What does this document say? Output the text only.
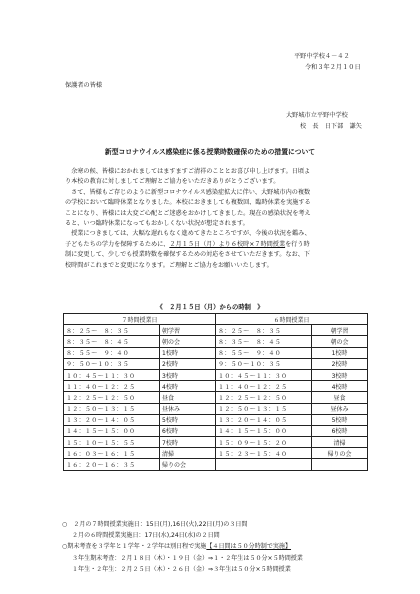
平野中学校４－４２
令和３年２月１０日
保護者の皆様
大野城市立平野中学校
校　長　日下部　謙矢
新型コロナウイルス感染症に係る授業時数確保のための措置について

余寒の候、皆様におかれましてはますますご清祥のこととお喜び申し上げます。日頃よ
り本校の教育に対しましてご理解とご協力をいただきありがとうございます。

さて、皆様もご存じのように新型コロナウイルス感染症拡大に伴い、大野城市内の複数
の学校において臨時休業となりました。本校におきましても複数回、臨時休業を実施する
ことになり、皆様には大変ご心配とご迷惑をおかけしてきました。現在の感染状況を考え
ると、いつ臨時休業になってもおかしくない状況が想定されます。

授業につきましては、大幅な遅れもなく進めてきたところですが、今後の状況を鑑み、
子どもたちの学力を保障するために、２月１５日（月）より６校時×７時間授業を行う時
制に変更して、少しでも授業時数を確保するための対応をさせていただきます。なお、下
校時間がこれまでと変更になります。ご理解とご協力をお願いいたします。

《　２月１５日（月）からの時制　》
７時間授業日		６時間授業日	
８：２５～　８：３５	朝学習	８：２５～　８：３５	朝学習
８：３５～　８：４５	朝の会	８：３５～　８：４５	朝の会
８：５５～　９：４０	1校時	８：５５～　９：４０	1校時
９：５０～１０：３５	2校時	９：５０～１０：３５	2校時
１０：４５～１１：３０	3校時	１０：４５～１１：３０	3校時
１１：４０～１２：２５	4校時	１１：４０～１２：２５	4校時
１２：２５～１２：５０	昼食	１２：２５～１２：５０	昼食
１２：５０～１３：１５	昼休み	１２：５０～１３：１５	昼休み
１３：２０～１４：０５	5校時	１３：２０～１４：０５	5校時
１４：１５～１５：００	6校時	１４：１５～１５：００	6校時
１５：１０～１５：５５	7校時	１５：０９～１５：２０	清掃
１６：０３～１６：１５	清掃	１５：２３～１５：４０	帰りの会
１６：２０～１６：３５	帰りの会		
○　２月の７時間授業実施日：15日(月),16日(火),22日(月)の３日間
２月の６時間授業実施日：17日(水),24日(水)の２日間
○期末考査を３学年と１学年・２学年は別日程で実施【４日間は５０分時制で実施】
３年生期末考査：２月１８日（木）・１９日（金）⇒１・２年生は５０分×５時間授業
１年生・２年生：２月２５日（木）・２６日（金）⇒３年生は５０分×５時間授業
